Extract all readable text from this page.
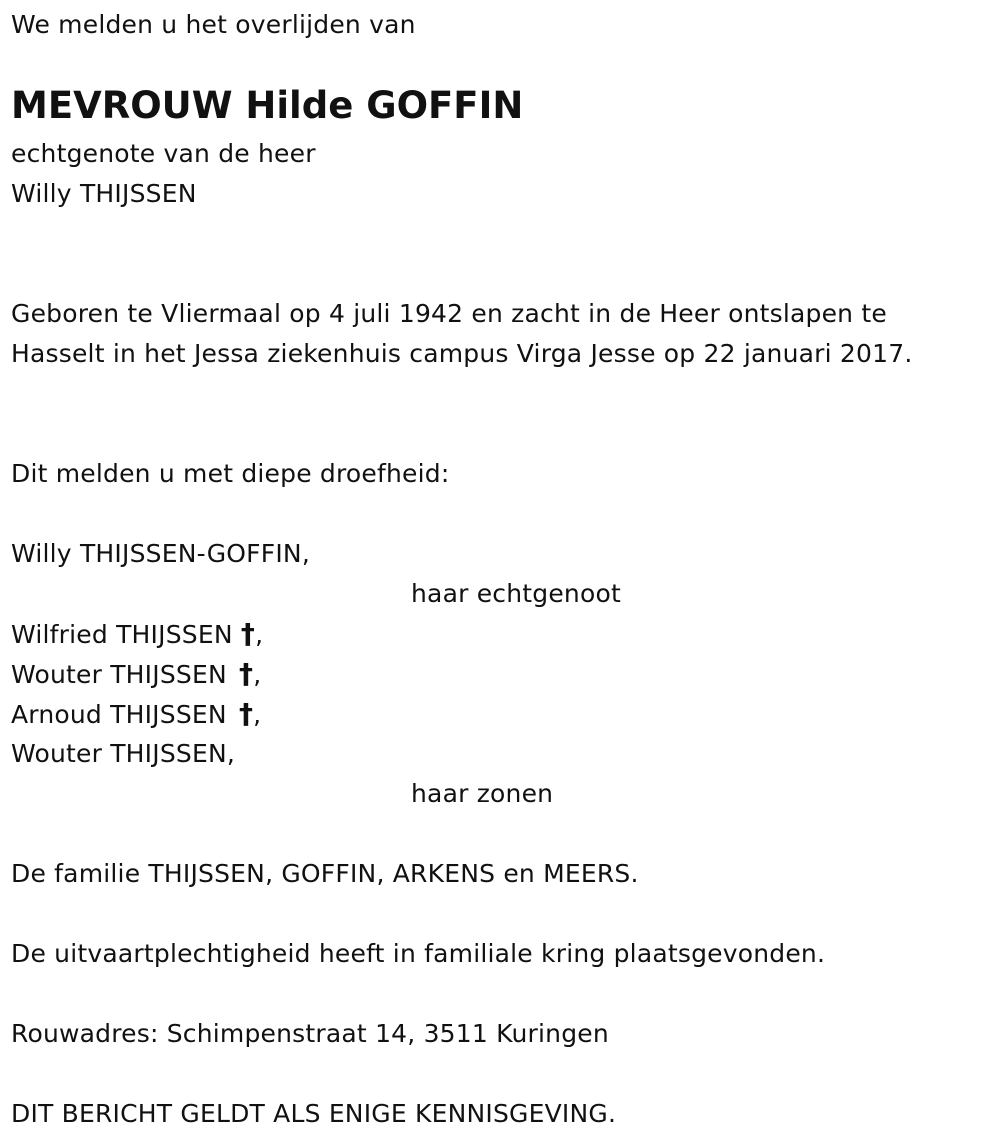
We melden u het overlijden van
MEVROUW Hilde GOFFIN
echtgenote van de heer
Willy THIJSSEN
Geboren te Vliermaal op 4 juli 1942 en zacht in de Heer ontslapen te
Hasselt in het Jessa ziekenhuis campus Virga Jesse op 22 januari 2017.
Dit melden u met diepe droefheid:
Willy THIJSSEN-GOFFIN,
haar echtgenoot
Wilfried THIJSSEN †,
Wouter THIJSSEN †,
Arnoud THIJSSEN †,
Wouter THIJSSEN,
haar zonen
De familie THIJSSEN, GOFFIN, ARKENS en MEERS.
De uitvaartplechtigheid heeft in familiale kring plaatsgevonden.
Rouwadres: Schimpenstraat 14, 3511 Kuringen
DIT BERICHT GELDT ALS ENIGE KENNISGEVING.
